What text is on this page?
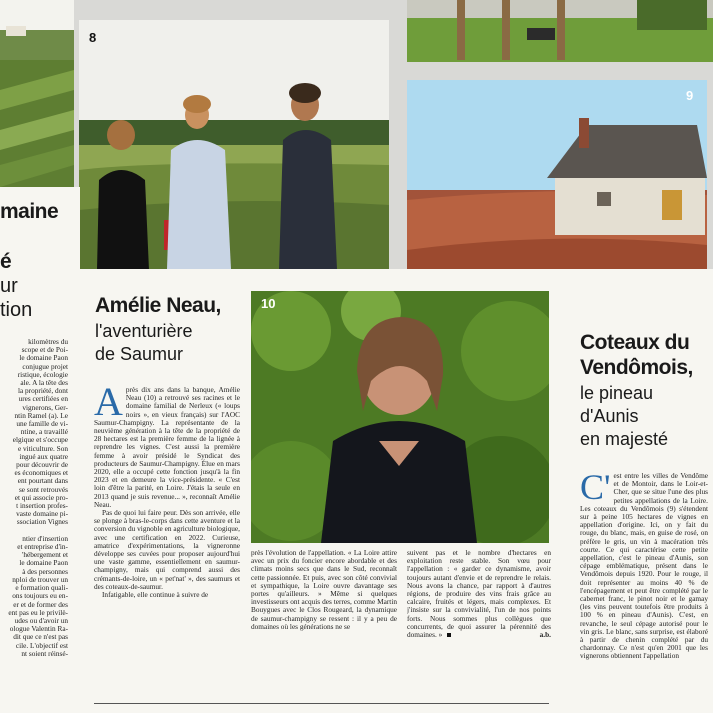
8
9
10
maine
é
ur
tion
kilomètres du
scope et de Poi-
le domaine Paon
conjugue projet
ristique, écologie
ale. A la tête des
la propriété, dont
ures certifiées en
vignerons, Ger-
ntin Ramel (a). Le
une famille de vi-
ntine, a travaillé
elgique et s'occupe
e viticulture. Son
ingué aux quatre
pour découvrir de
es économiques et
ent pourtant dans
se sont retrouvés
et qui associe pro-
t insertion profes-
vaste domaine pi-
ssociation Vignes

ntier d'insertion
et entreprise d'in-
'hébergement et
le domaine Paon
à des personnes
nploi de trouver un
e formation quali-
ons toujours eu en-
er et de former des
ent pas eu le privilè-
udes ou d'avoir un
ologue Valentin Ra-
dit que ce n'est pas
cile. L'objectif est
nt soient réinsé-
Amélie Neau,
l'aventurière
de Saumur
A près dix ans dans la banque, Amélie Neau (10) a retrouvé ses racines et le domaine familial de Nerleux (« loups noirs », en vieux français) sur l'AOC Saumur-Champigny. La représentante de la neuvième génération à la tête de la propriété de 28 hectares est la première femme de la lignée à reprendre les vignes. C'est aussi la première femme à avoir présidé le Syndicat des producteurs de Saumur-Champigny. Élue en mars 2020, elle a occupé cette fonction jusqu'à la fin 2023 et en demeure la vice-présidente. « C'est loin d'être la parité, en Loire. J'étais la seule en 2013 quand je suis revenue... », reconnaît Amélie Neau.

Pas de quoi lui faire peur. Dès son arrivée, elle se plonge à bras-le-corps dans cette aventure et la conversion du vignoble en agriculture biologique, avec une certification en 2022. Curieuse, amatrice d'expérimentations, la vigneronne développe ses cuvées pour proposer aujourd'hui une vaste gamme, essentiellement en saumur-champigny, mais qui comprend aussi des crémants-de-loire, un « pet'nat' », des saumurs et des coteaux-de-saumur.

Infatigable, elle continue à suivre de

près l'évolution de l'appellation. « La Loire attire avec un prix du foncier encore abordable et des climats moins secs que dans le Sud, reconnaît cette passionnée. Et puis, avec son côté convivial et sympathique, la Loire ouvre davantage ses portes qu'ailleurs. » Même si quelques investisseurs ont acquis des terres, comme Martin Bouygues avec le Clos Rougeard, la dynamique de saumur-champigny se ressent : il y a peu de domaines où les générations ne se
suivent pas et le nombre d'hectares en exploitation reste stable. Son vœu pour l'appellation : « garder ce dynamisme, avoir toujours autant d'envie et de reprendre le relais. Nous avons la chance, par rapport à d'autres régions, de produire des vins frais grâce au calcaire, fruités et légers, mais complexes. Et j'insiste sur la convivialité, l'un de nos points forts. Nous sommes plus collègues que concurrents, de quoi assurer la pérennité des domaines. »	a.b.
Coteaux du
Vendômois,
le pineau
d'Aunis
en majesté
C' est entre les villes de Vendôme et de Montoir, dans le Loir-et-Cher, que se situe l'une des plus petites appellations de la Loire. Les coteaux du Vendômois (9) s'étendent sur à peine 105 hectares de vignes en appellation d'origine. Ici, on y fait du rouge, du blanc, mais, en guise de rosé, on préfère le gris, un vin à macération très courte. Ce qui caractérise cette petite appellation, c'est le pineau d'Aunis, son cépage emblématique, présent dans le Vendômois depuis 1920. Pour le rouge, il doit représenter au moins 40 % de l'encépagement et peut être complété par le cabernet franc, le pinot noir et le gamay (les vins peuvent toutefois être produits à 100 % en pineau d'Aunis). C'est, en revanche, le seul cépage autorisé pour le vin gris. Le blanc, sans surprise, est élaboré à partir de chenin complété par du chardonnay. Ce n'est qu'en 2001 que les vignerons obtiennent l'appellation
